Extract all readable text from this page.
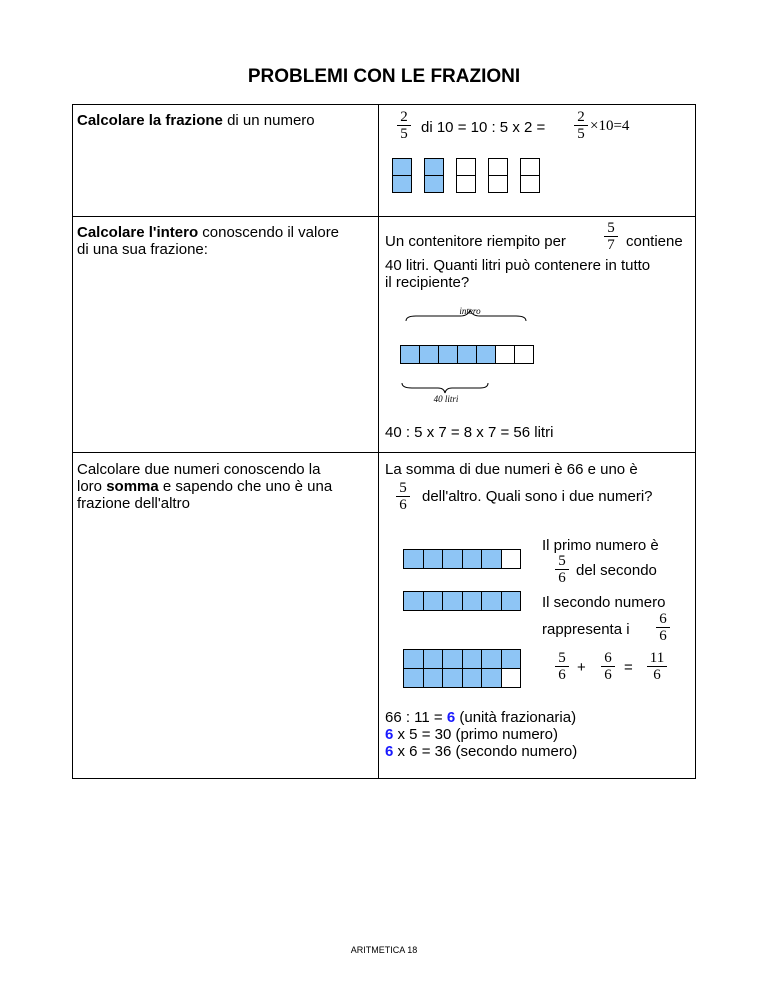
PROBLEMI CON LE FRAZIONI
Calcolare la frazione di un numero	2
5 di 10 = 10 : 5 x 2 =
2
5 ×10=4
Calcolare l'intero conoscendo il valore
di una sua frazione:	Un contenitore riempito per
5
7 contiene
40 litri. Quanti litri può contenere in tutto
il recipiente?
intero
40 litri
40 : 5 x 7 = 8 x 7 = 56 litri
Calcolare due numeri conoscendo la
loro somma e sapendo che uno è una
frazione dell'altro
La somma di due numeri è 66 e uno è
5
6 dell'altro. Quali sono i due numeri?
Il primo numero è
5
6 del secondo
Il secondo numero
rappresenta i
6
6
5
6 +
6
6 =
11
6
66 : 11 = 6 (unità frazionaria)
6 x 5 = 30 (primo numero)
6 x 6 = 36 (secondo numero)
ARITMETICA 18
